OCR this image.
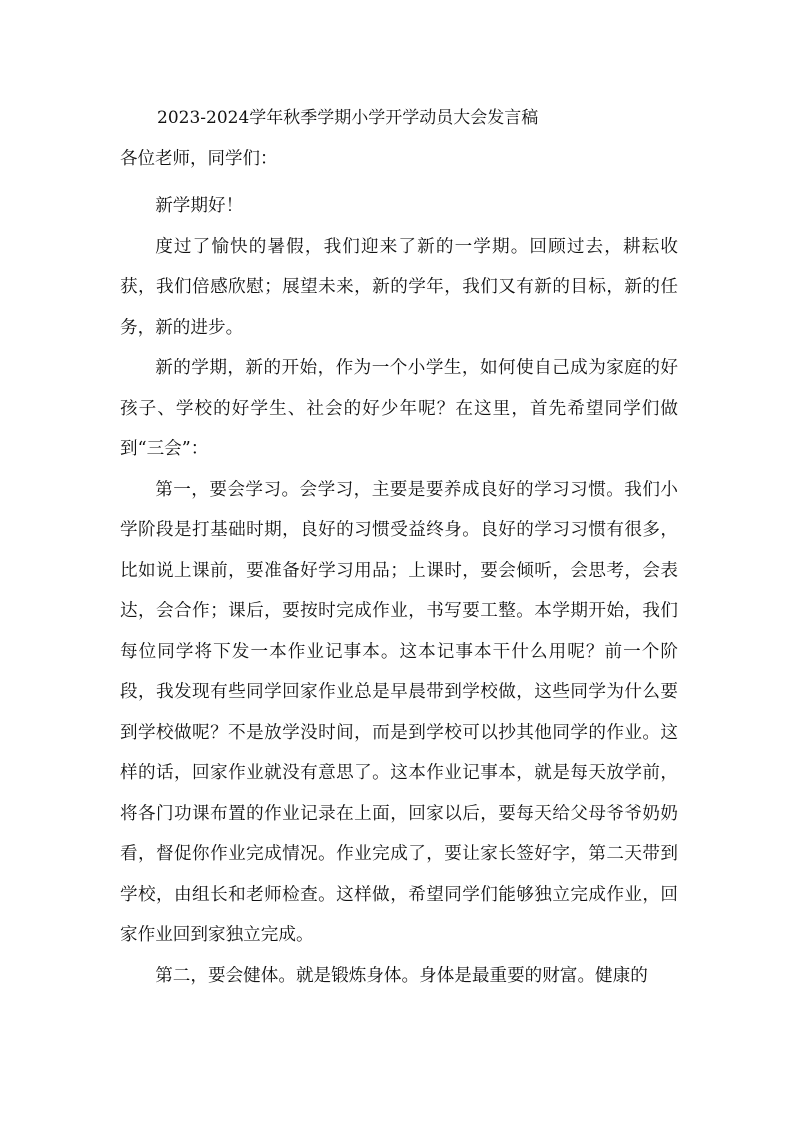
2023-2024学年秋季学期小学开学动员大会发言稿
各位老师，同学们：

新学期好！

度过了愉快的暑假，我们迎来了新的一学期。回顾过去，耕耘收获，我们倍感欣慰；展望未来，新的学年，我们又有新的目标，新的任务，新的进步。

新的学期，新的开始，作为一个小学生，如何使自己成为家庭的好孩子、学校的好学生、社会的好少年呢？在这里，首先希望同学们做到“三会”：

第一，要会学习。会学习，主要是要养成良好的学习习惯。我们小学阶段是打基础时期，良好的习惯受益终身。良好的学习习惯有很多，比如说上课前，要准备好学习用品；上课时，要会倾听，会思考，会表达，会合作；课后，要按时完成作业，书写要工整。本学期开始，我们每位同学将下发一本作业记事本。这本记事本干什么用呢？前一个阶段，我发现有些同学回家作业总是早晨带到学校做，这些同学为什么要到学校做呢？不是放学没时间，而是到学校可以抄其他同学的作业。这样的话，回家作业就没有意思了。这本作业记事本，就是每天放学前，将各门功课布置的作业记录在上面，回家以后，要每天给父母爷爷奶奶看，督促你作业完成情况。作业完成了，要让家长签好字，第二天带到学校，由组长和老师检查。这样做，希望同学们能够独立完成作业，回家作业回到家独立完成。

第二，要会健体。就是锻炼身体。身体是最重要的财富。健康的
